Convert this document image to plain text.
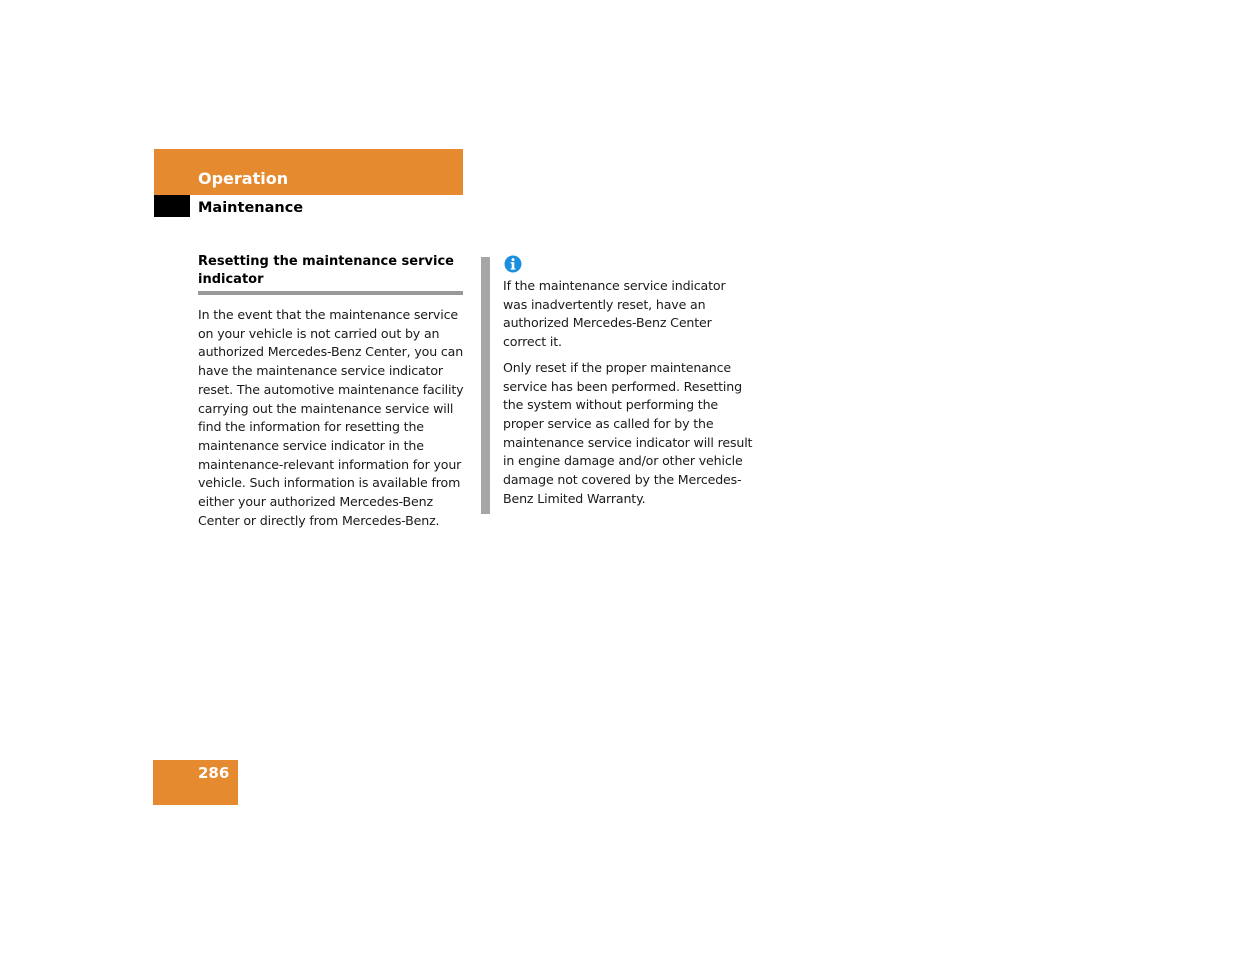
Operation
Maintenance
Resetting the maintenance service indicator
In the event that the maintenance service on your vehicle is not carried out by an authorized Mercedes-Benz Center, you can have the maintenance service indicator reset. The automotive maintenance facility carrying out the maintenance service will find the information for resetting the maintenance service indicator in the maintenance-relevant information for your vehicle. Such information is available from either your authorized Mercedes-Benz Center or directly from Mercedes-Benz.

If the maintenance service indicator was inadvertently reset, have an authorized Mercedes-Benz Center correct it.

Only reset if the proper maintenance service has been performed. Resetting the system without performing the proper service as called for by the maintenance service indicator will result in engine damage and/or other vehicle damage not covered by the Mercedes-Benz Limited Warranty.

286
